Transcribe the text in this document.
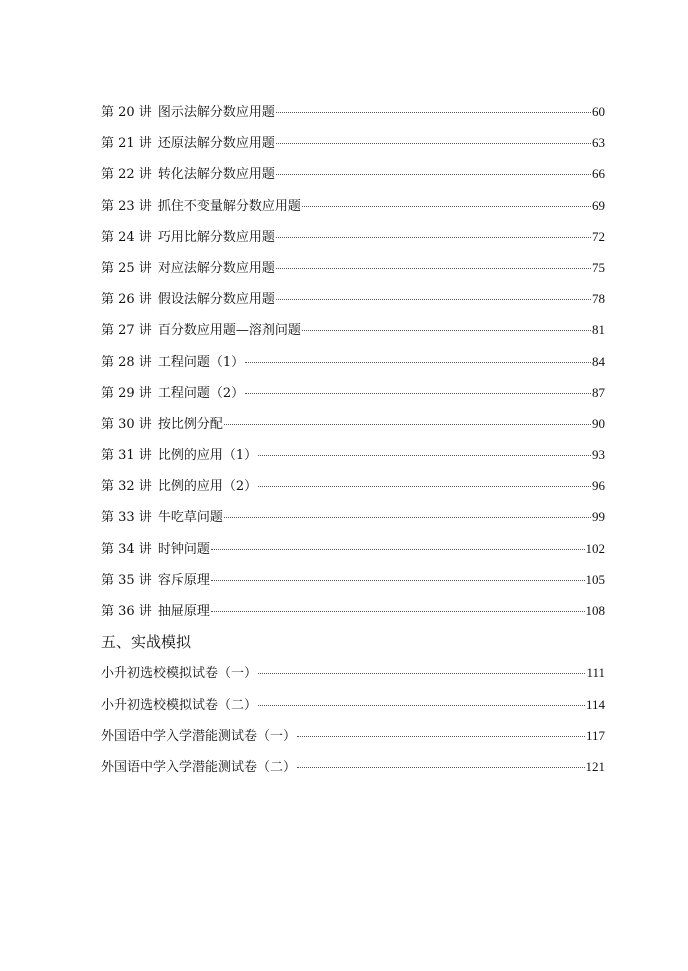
第 20 讲 图示法解分数应用题	60
第 21 讲 还原法解分数应用题	63
第 22 讲 转化法解分数应用题	66
第 23 讲 抓住不变量解分数应用题	69
第 24 讲 巧用比解分数应用题	72
第 25 讲 对应法解分数应用题	75
第 26 讲 假设法解分数应用题	78
第 27 讲 百分数应用题—溶剂问题	81
第 28 讲 工程问题（1）	84
第 29 讲 工程问题（2）	87
第 30 讲 按比例分配	90
第 31 讲 比例的应用（1）	93
第 32 讲 比例的应用（2）	96
第 33 讲 牛吃草问题	99
第 34 讲 时钟问题	102
第 35 讲 容斥原理	105
第 36 讲 抽屉原理	108
五、实战模拟
小升初选校模拟试卷（一）	111
小升初选校模拟试卷（二）	114
外国语中学入学潜能测试卷（一）	117
外国语中学入学潜能测试卷（二）	121
